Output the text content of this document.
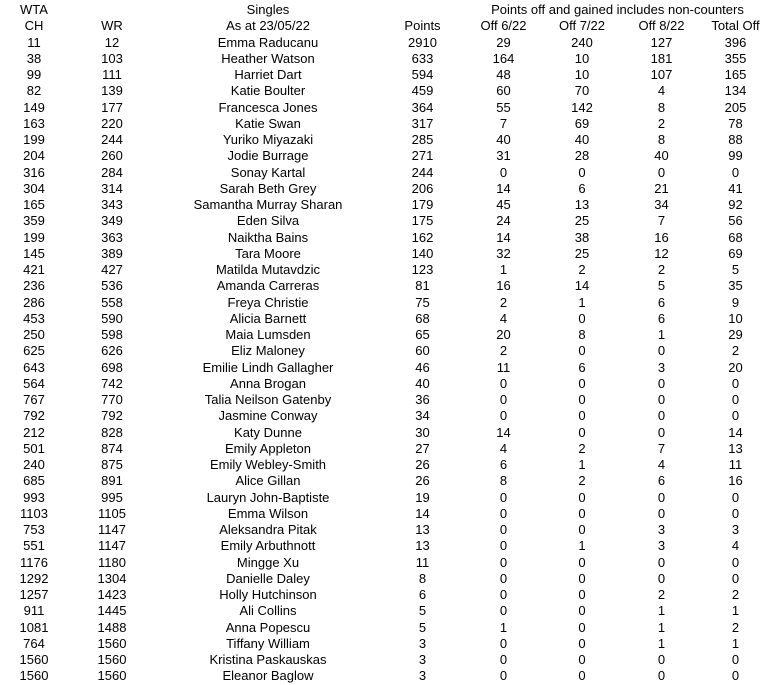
WTA	Singles	Points off and gained includes non-counters
CH	WR	As at 23/05/22	Points	Off 6/22	Off 7/22	Off 8/22	Total Off
11	12	Emma Raducanu	2910	29	240	127	396
38	103	Heather Watson	633	164	10	181	355
99	111	Harriet Dart	594	48	10	107	165
82	139	Katie Boulter	459	60	70	4	134
149	177	Francesca Jones	364	55	142	8	205
163	220	Katie Swan	317	7	69	2	78
199	244	Yuriko Miyazaki	285	40	40	8	88
204	260	Jodie Burrage	271	31	28	40	99
316	284	Sonay Kartal	244	0	0	0	0
304	314	Sarah Beth Grey	206	14	6	21	41
165	343	Samantha Murray Sharan	179	45	13	34	92
359	349	Eden Silva	175	24	25	7	56
199	363	Naiktha Bains	162	14	38	16	68
145	389	Tara Moore	140	32	25	12	69
421	427	Matilda Mutavdzic	123	1	2	2	5
236	536	Amanda Carreras	81	16	14	5	35
286	558	Freya Christie	75	2	1	6	9
453	590	Alicia Barnett	68	4	0	6	10
250	598	Maia Lumsden	65	20	8	1	29
625	626	Eliz Maloney	60	2	0	0	2
643	698	Emilie Lindh Gallagher	46	11	6	3	20
564	742	Anna Brogan	40	0	0	0	0
767	770	Talia Neilson Gatenby	36	0	0	0	0
792	792	Jasmine Conway	34	0	0	0	0
212	828	Katy Dunne	30	14	0	0	14
501	874	Emily Appleton	27	4	2	7	13
240	875	Emily Webley-Smith	26	6	1	4	11
685	891	Alice Gillan	26	8	2	6	16
993	995	Lauryn John-Baptiste	19	0	0	0	0
1103	1105	Emma Wilson	14	0	0	0	0
753	1147	Aleksandra Pitak	13	0	0	3	3
551	1147	Emily Arbuthnott	13	0	1	3	4
1176	1180	Mingge Xu	11	0	0	0	0
1292	1304	Danielle Daley	8	0	0	0	0
1257	1423	Holly Hutchinson	6	0	0	2	2
911	1445	Ali Collins	5	0	0	1	1
1081	1488	Anna Popescu	5	1	0	1	2
764	1560	Tiffany William	3	0	0	1	1
1560	1560	Kristina Paskauskas	3	0	0	0	0
1560	1560	Eleanor Baglow	3	0	0	0	0
